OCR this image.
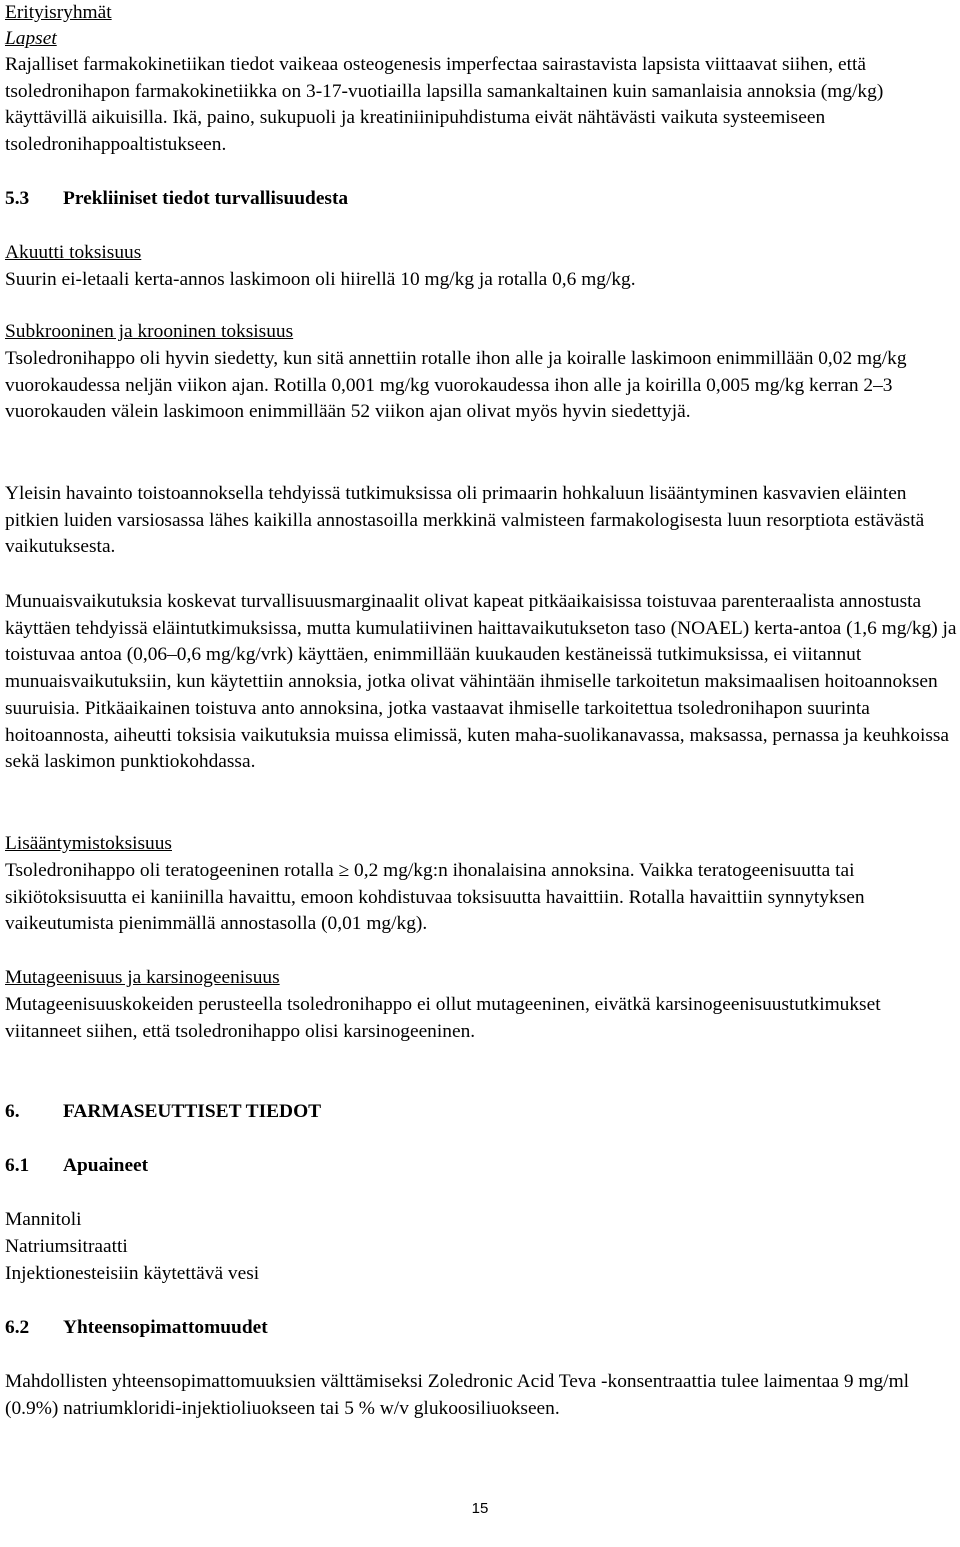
Erityisryhmät

Lapset

Rajalliset farmakokinetiikan tiedot vaikeaa osteogenesis imperfectaa sairastavista lapsista viittaavat siihen, että tsoledronihapon farmakokinetiikka on 3-17-vuotiailla lapsilla samankaltainen kuin samanlaisia annoksia (mg/kg) käyttävillä aikuisilla. Ikä, paino, sukupuoli ja kreatiniinipuhdistuma eivät nähtävästi vaikuta systeemiseen tsoledronihappoaltistukseen.

5.3 Prekliiniset tiedot turvallisuudesta

Akuutti toksisuus

Suurin ei-letaali kerta-annos laskimoon oli hiirellä 10 mg/kg ja rotalla 0,6 mg/kg.

Subkrooninen ja krooninen toksisuus

Tsoledronihappo oli hyvin siedetty, kun sitä annettiin rotalle ihon alle ja koiralle laskimoon enimmillään 0,02 mg/kg vuorokaudessa neljän viikon ajan. Rotilla 0,001 mg/kg vuorokaudessa ihon alle ja koirilla 0,005 mg/kg kerran 2–3 vuorokauden välein laskimoon enimmillään 52 viikon ajan olivat myös hyvin siedettyjä.

Yleisin havainto toistoannoksella tehdyissä tutkimuksissa oli primaarin hohkaluun lisääntyminen kasvavien eläinten pitkien luiden varsiosassa lähes kaikilla annostasoilla merkkinä valmisteen farmakologisesta luun resorptiota estävästä vaikutuksesta.

Munuaisvaikutuksia koskevat turvallisuusmarginaalit olivat kapeat pitkäaikaisissa toistuvaa parenteraalista annostusta käyttäen tehdyissä eläintutkimuksissa, mutta kumulatiivinen haittavaikutukseton taso (NOAEL) kerta-antoa (1,6 mg/kg) ja toistuvaa antoa (0,06–0,6 mg/kg/vrk) käyttäen, enimmillään kuukauden kestäneissä tutkimuksissa, ei viitannut munuaisvaikutuksiin, kun käytettiin annoksia, jotka olivat vähintään ihmiselle tarkoitetun maksimaalisen hoitoannoksen suuruisia. Pitkäaikainen toistuva anto annoksina, jotka vastaavat ihmiselle tarkoitettua tsoledronihapon suurinta hoitoannosta, aiheutti toksisia vaikutuksia muissa elimissä, kuten maha-suolikanavassa, maksassa, pernassa ja keuhkoissa sekä laskimon punktiokohdassa.

Lisääntymistoksisuus

Tsoledronihappo oli teratogeeninen rotalla ≥ 0,2 mg/kg:n ihonalaisina annoksina. Vaikka teratogeenisuutta tai sikiötoksisuutta ei kaniinilla havaittu, emoon kohdistuvaa toksisuutta havaittiin. Rotalla havaittiin synnytyksen vaikeutumista pienimmällä annostasolla (0,01 mg/kg).

Mutageenisuus ja karsinogeenisuus

Mutageenisuuskokeiden perusteella tsoledronihappo ei ollut mutageeninen, eivätkä karsinogeenisuustutkimukset viitanneet siihen, että tsoledronihappo olisi karsinogeeninen.

6. FARMASEUTTISET TIEDOT

6.1 Apuaineet

Mannitoli

Natriumsitraatti

Injektionesteisiin käytettävä vesi

6.2 Yhteensopimattomuudet

Mahdollisten yhteensopimattomuuksien välttämiseksi Zoledronic Acid Teva -konsentraattia tulee laimentaa 9 mg/ml (0.9%) natriumkloridi-injektioliuokseen tai 5 % w/v glukoosiliuokseen.

15
